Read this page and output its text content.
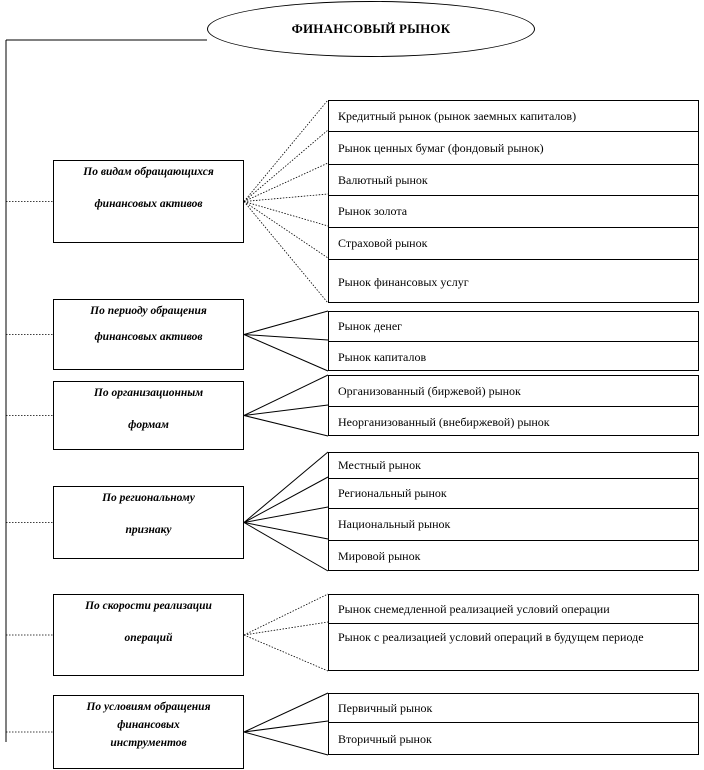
ФИНАНСОВЫЙ РЫНОК
По видам обращающихся
финансовых активов
По периоду обращения
финансовых активов
По организационным
формам
По региональному
признаку
По скорости реализации
операций
По условиям обращения
финансовых
инструментов
Кредитный рынок (рынок заемных капиталов)
Рынок ценных бумаг (фондовый рынок)
Валютный рынок
Рынок золота
Страховой рынок
Рынок финансовых услуг
Рынок денег
Рынок капиталов
Организованный (биржевой) рынок
Неорганизованный (внебиржевой) рынок
Местный рынок
Региональный рынок
Национальный рынок
Мировой рынок
Рынок снемедленной реализацией условий операции
Рынок с реализацией условий операций в будущем периоде
Первичный рынок
Вторичный рынок
